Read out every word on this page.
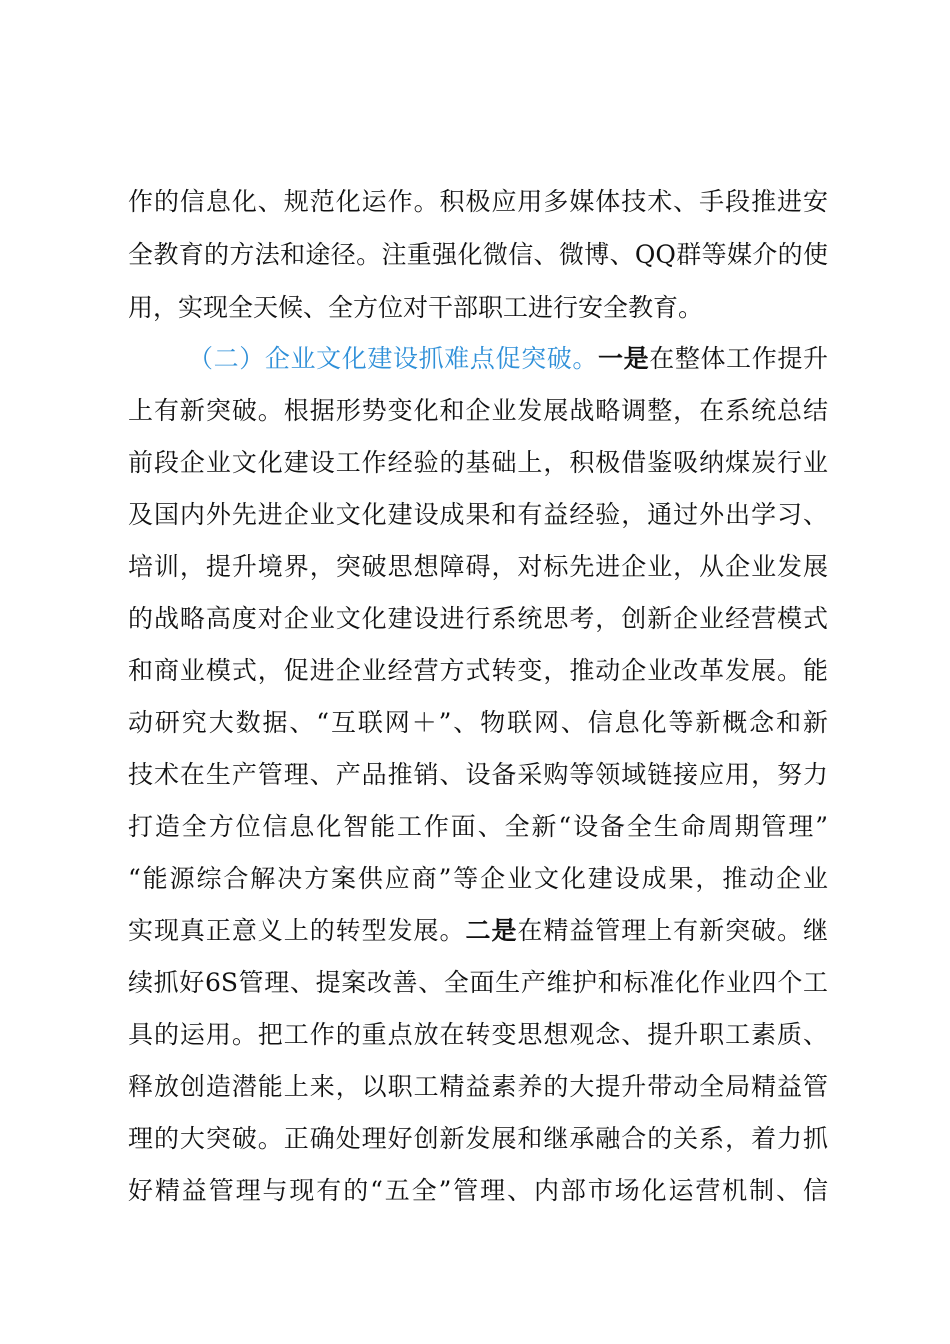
作的信息化、规范化运作。积极应用多媒体技术、手段推进安
全教育的方法和途径。注重强化微信、微博、QQ群等媒介的使
用，实现全天候、全方位对干部职工进行安全教育。
（二）企业文化建设抓难点促突破。一是在整体工作提升
上有新突破。根据形势变化和企业发展战略调整，在系统总结
前段企业文化建设工作经验的基础上，积极借鉴吸纳煤炭行业
及国内外先进企业文化建设成果和有益经验，通过外出学习、
培训，提升境界，突破思想障碍，对标先进企业，从企业发展
的战略高度对企业文化建设进行系统思考，创新企业经营模式
和商业模式，促进企业经营方式转变，推动企业改革发展。能
动研究大数据、“互联网＋”、物联网、信息化等新概念和新
技术在生产管理、产品推销、设备采购等领域链接应用，努力
打造全方位信息化智能工作面、全新“设备全生命周期管理”
“能源综合解决方案供应商”等企业文化建设成果，推动企业
实现真正意义上的转型发展。二是在精益管理上有新突破。继
续抓好6S管理、提案改善、全面生产维护和标准化作业四个工
具的运用。把工作的重点放在转变思想观念、提升职工素质、
释放创造潜能上来，以职工精益素养的大提升带动全局精益管
理的大突破。正确处理好创新发展和继承融合的关系，着力抓
好精益管理与现有的“五全”管理、内部市场化运营机制、信
